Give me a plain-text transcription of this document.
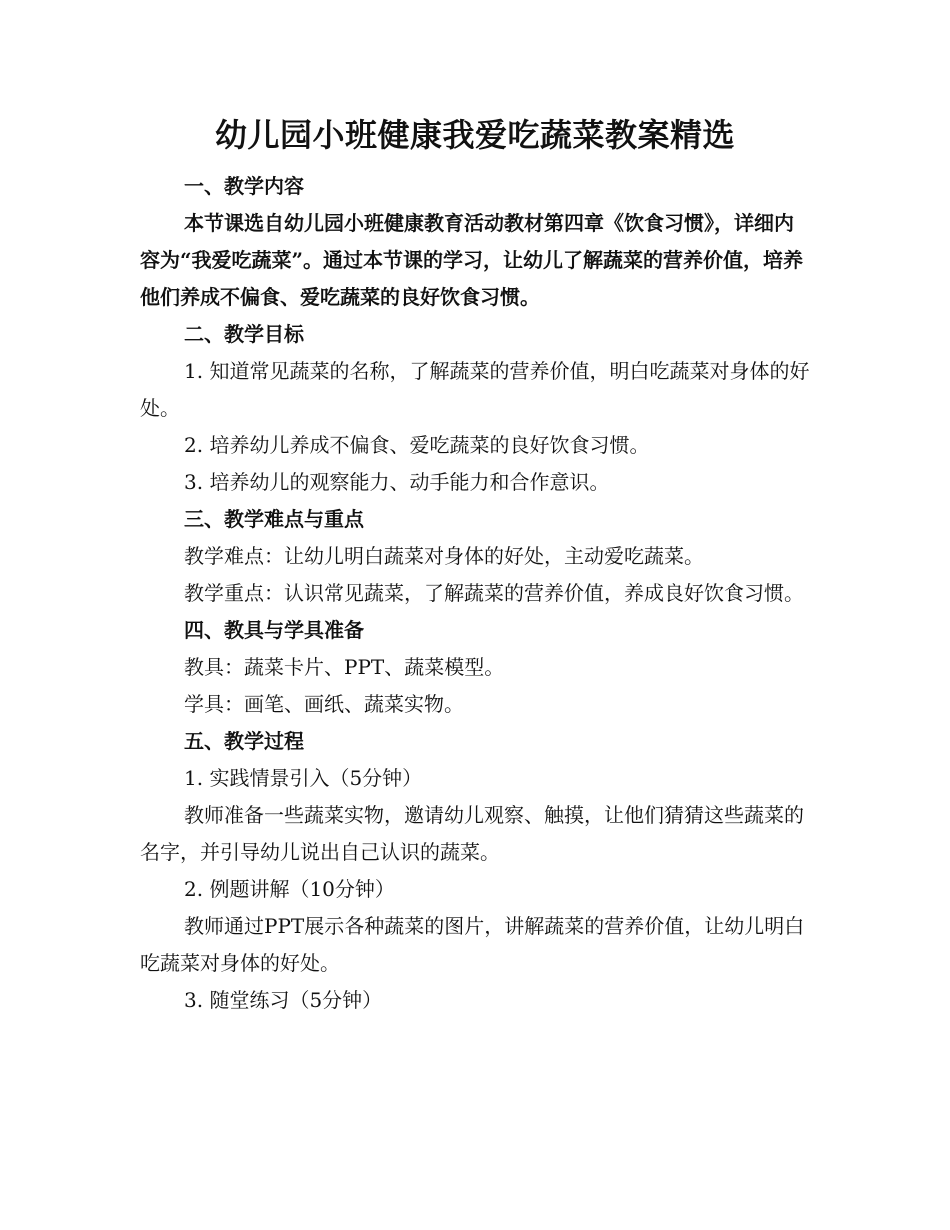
幼儿园小班健康我爱吃蔬菜教案精选

一、教学内容

本节课选自幼儿园小班健康教育活动教材第四章《饮食习惯》，详细内容为“我爱吃蔬菜”。通过本节课的学习，让幼儿了解蔬菜的营养价值，培养他们养成不偏食、爱吃蔬菜的良好饮食习惯。

二、教学目标

1. 知道常见蔬菜的名称，了解蔬菜的营养价值，明白吃蔬菜对身体的好处。

2. 培养幼儿养成不偏食、爱吃蔬菜的良好饮食习惯。

3. 培养幼儿的观察能力、动手能力和合作意识。

三、教学难点与重点

教学难点：让幼儿明白蔬菜对身体的好处，主动爱吃蔬菜。

教学重点：认识常见蔬菜，了解蔬菜的营养价值，养成良好饮食习惯。

四、教具与学具准备

教具：蔬菜卡片、PPT、蔬菜模型。

学具：画笔、画纸、蔬菜实物。

五、教学过程

1. 实践情景引入（5分钟）

教师准备一些蔬菜实物，邀请幼儿观察、触摸，让他们猜猜这些蔬菜的名字，并引导幼儿说出自己认识的蔬菜。

2. 例题讲解（10分钟）

教师通过PPT展示各种蔬菜的图片，讲解蔬菜的营养价值，让幼儿明白吃蔬菜对身体的好处。

3. 随堂练习（5分钟）
